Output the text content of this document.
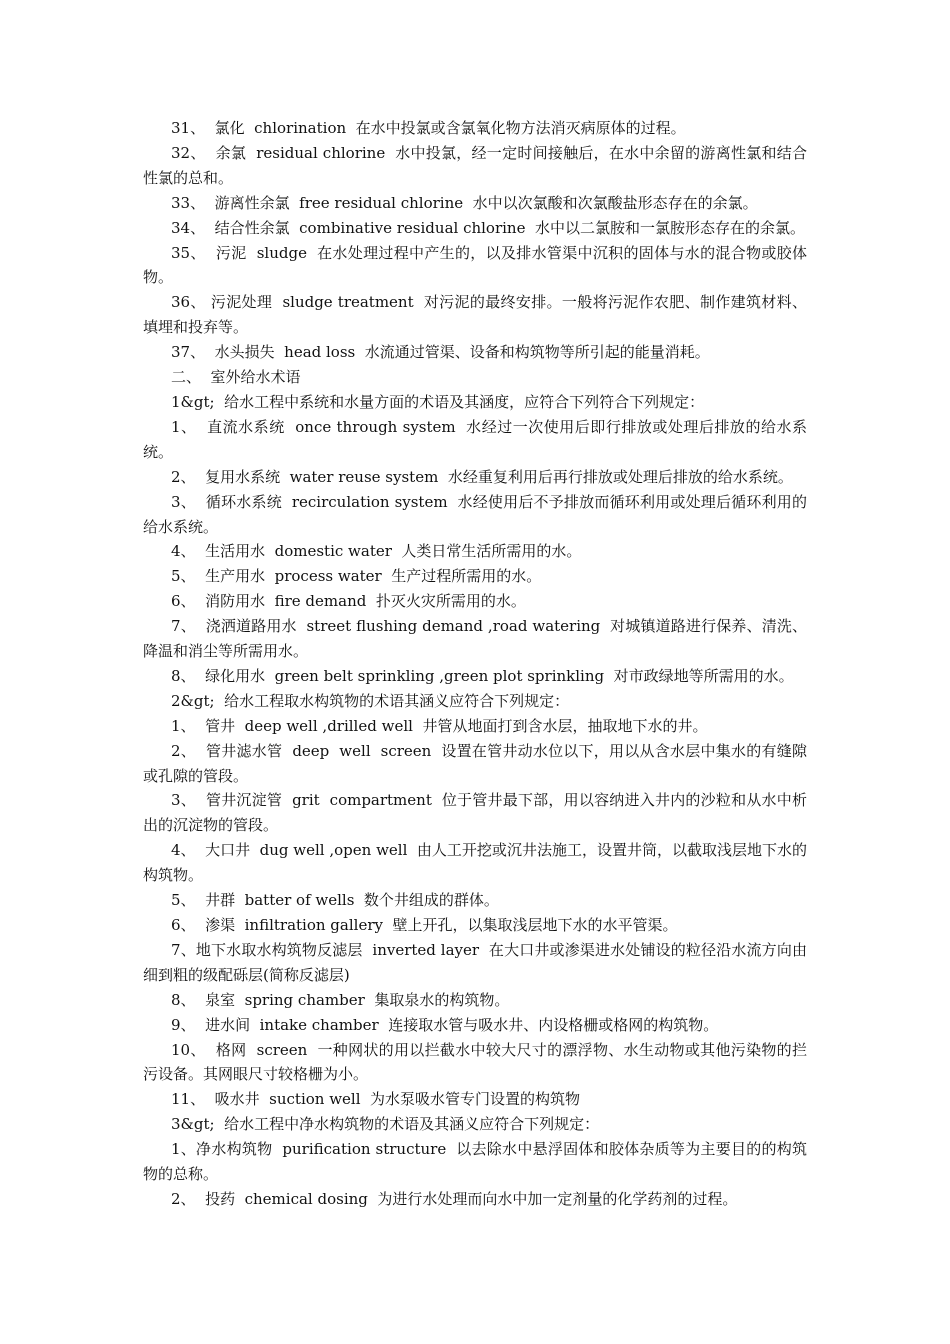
31、  氯化  chlorination  在水中投氯或含氯氧化物方法消灭病原体的过程。

32、  余氯  residual chlorine  水中投氯，经一定时间接触后，在水中余留的游离性氯和结合性氯的总和。

33、  游离性余氯  free residual chlorine  水中以次氯酸和次氯酸盐形态存在的余氯。

34、  结合性余氯  combinative residual chlorine  水中以二氯胺和一氯胺形态存在的余氯。

35、  污泥  sludge  在水处理过程中产生的，以及排水管渠中沉积的固体与水的混合物或胶体物。

36、 污泥处理  sludge treatment  对污泥的最终安排。一般将污泥作农肥、制作建筑材料、填埋和投弃等。

37、  水头损失  head loss  水流通过管渠、设备和构筑物等所引起的能量消耗。

二、  室外给水术语

1&gt;  给水工程中系统和水量方面的术语及其涵度，应符合下列符合下列规定：

1、  直流水系统  once through system  水经过一次使用后即行排放或处理后排放的给水系统。

2、  复用水系统  water reuse system  水经重复利用后再行排放或处理后排放的给水系统。

3、  循环水系统  recirculation system  水经使用后不予排放而循环利用或处理后循环利用的给水系统。

4、  生活用水  domestic water  人类日常生活所需用的水。

5、  生产用水  process water  生产过程所需用的水。

6、  消防用水  fire demand  扑灭火灾所需用的水。

7、  浇洒道路用水  street flushing demand ,road watering  对城镇道路进行保养、清洗、降温和消尘等所需用水。

8、  绿化用水  green belt sprinkling ,green plot sprinkling  对市政绿地等所需用的水。

2&gt;  给水工程取水构筑物的术语其涵义应符合下列规定：

1、  管井  deep well ,drilled well  井管从地面打到含水层，抽取地下水的井。

2、  管井滤水管  deep  well  screen  设置在管井动水位以下，用以从含水层中集水的有缝隙或孔隙的管段。

3、  管井沉淀管  grit  compartment  位于管井最下部，用以容纳进入井内的沙粒和从水中析出的沉淀物的管段。

4、  大口井  dug well ,open well  由人工开挖或沉井法施工，设置井筒，以截取浅层地下水的构筑物。

5、  井群  batter of wells  数个井组成的群体。

6、  渗渠  infiltration gallery  壁上开孔，以集取浅层地下水的水平管渠。

7、地下水取水构筑物反滤层  inverted layer  在大口井或渗渠进水处铺设的粒径沿水流方向由细到粗的级配砾层(简称反滤层)

8、  泉室  spring chamber  集取泉水的构筑物。

9、  进水间  intake chamber  连接取水管与吸水井、内设格栅或格网的构筑物。

10、  格网  screen  一种网状的用以拦截水中较大尺寸的漂浮物、水生动物或其他污染物的拦污设备。其网眼尺寸较格栅为小。

11、  吸水井  suction well  为水泵吸水管专门设置的构筑物

3&gt;  给水工程中净水构筑物的术语及其涵义应符合下列规定：

1、净水构筑物  purification structure  以去除水中悬浮固体和胶体杂质等为主要目的的构筑物的总称。

2、  投药  chemical dosing  为进行水处理而向水中加一定剂量的化学药剂的过程。
